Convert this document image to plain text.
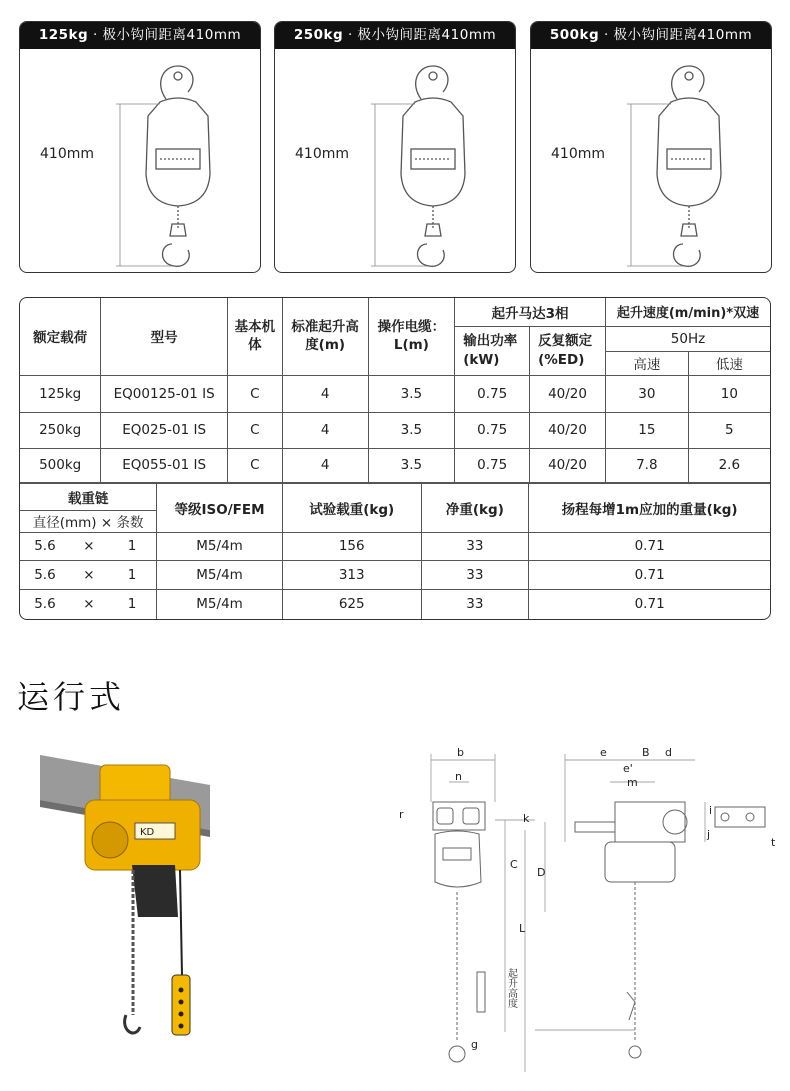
125kg · 极小钩间距离410mm
410mm
250kg · 极小钩间距离410mm
410mm
500kg · 极小钩间距离410mm
410mm
额定载荷	型号	基本机体	标准起升高度(m)	操作电缆：L(m)	起升马达3相		起升速度(m/min)*双速	
					输出功率(kW)	反复额定(%ED)	50Hz	
							高速	低速
125kg	EQ00125-01 IS	C	4	3.5	0.75	40/20	30	10
250kg	EQ025-01 IS	C	4	3.5	0.75	40/20	15	5
500kg	EQ055-01 IS	C	4	3.5	0.75	40/20	7.8	2.6
载重链			等级ISO/FEM	试验载重(kg)	净重(kg)	扬程每增1m应加的重量(kg)
直径(mm) × 条数						
5.6	×	1	M5/4m	156	33	0.71
5.6	×	1	M5/4m	313	33	0.71
5.6	×	1	M5/4m	625	33	0.71
运行式
KD
b
n
r	k
C
L
D
e	B d
e'
m
i
j
t
g
起升高度
